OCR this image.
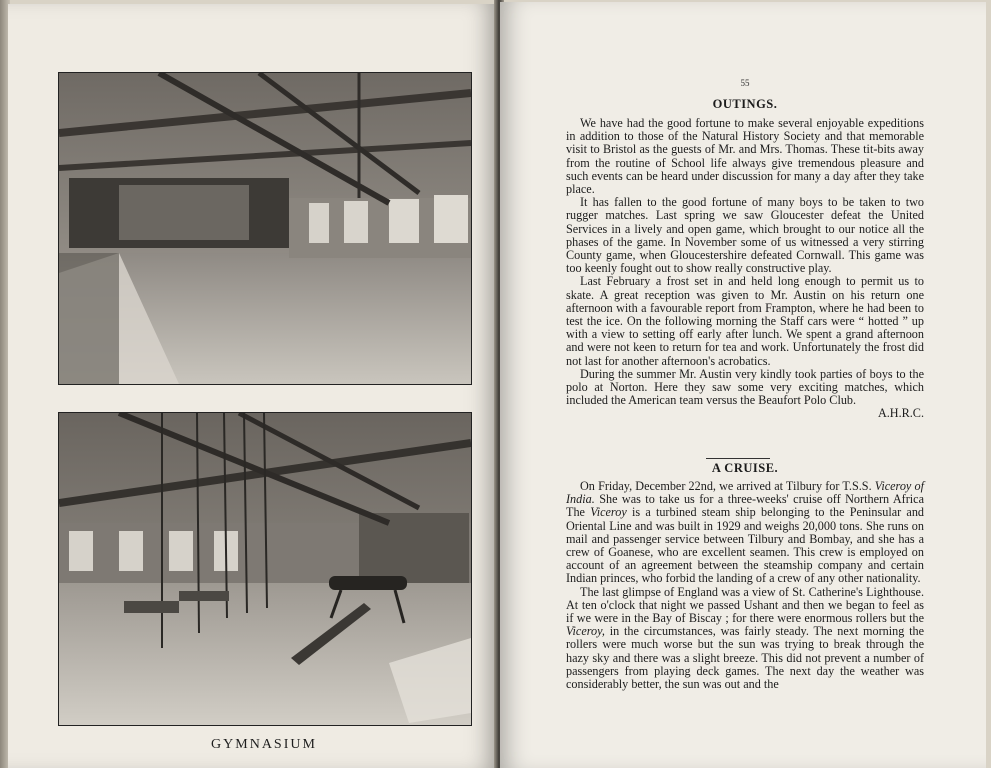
GYMNASIUM
55
OUTINGS.

We have had the good fortune to make several enjoyable expeditions in addition to those of the Natural History Society and that memorable visit to Bristol as the guests of Mr. and Mrs. Thomas. These tit-bits away from the routine of School life always give tremendous pleasure and such events can be heard under discussion for many a day after they take place.

It has fallen to the good fortune of many boys to be taken to two rugger matches. Last spring we saw Gloucester defeat the United Services in a lively and open game, which brought to our notice all the phases of the game. In November some of us witnessed a very stirring County game, when Gloucestershire defeated Cornwall. This game was too keenly fought out to show really constructive play.

Last February a frost set in and held long enough to permit us to skate. A great reception was given to Mr. Austin on his return one afternoon with a favourable report from Frampton, where he had been to test the ice. On the following morning the Staff cars were “ hotted ” up with a view to setting off early after lunch. We spent a grand afternoon and were not keen to return for tea and work. Unfortunately the frost did not last for another afternoon's acrobatics.

During the summer Mr. Austin very kindly took parties of boys to the polo at Norton. Here they saw some very exciting matches, which included the American team versus the Beaufort Polo Club.

A.H.R.C.

A CRUISE.

On Friday, December 22nd, we arrived at Tilbury for T.S.S. Viceroy of India. She was to take us for a three-weeks' cruise off Northern Africa The Viceroy is a turbined steam ship belonging to the Peninsular and Oriental Line and was built in 1929 and weighs 20,000 tons. She runs on mail and passenger service between Tilbury and Bombay, and she has a crew of Goanese, who are excellent seamen. This crew is employed on account of an agreement between the steamship company and certain Indian princes, who forbid the landing of a crew of any other nationality.

The last glimpse of England was a view of St. Catherine's Lighthouse. At ten o'clock that night we passed Ushant and then we began to feel as if we were in the Bay of Biscay ; for there were enormous rollers but the Viceroy, in the circumstances, was fairly steady. The next morning the rollers were much worse but the sun was trying to break through the hazy sky and there was a slight breeze. This did not prevent a number of passengers from playing deck games. The next day the weather was considerably better, the sun was out and the
